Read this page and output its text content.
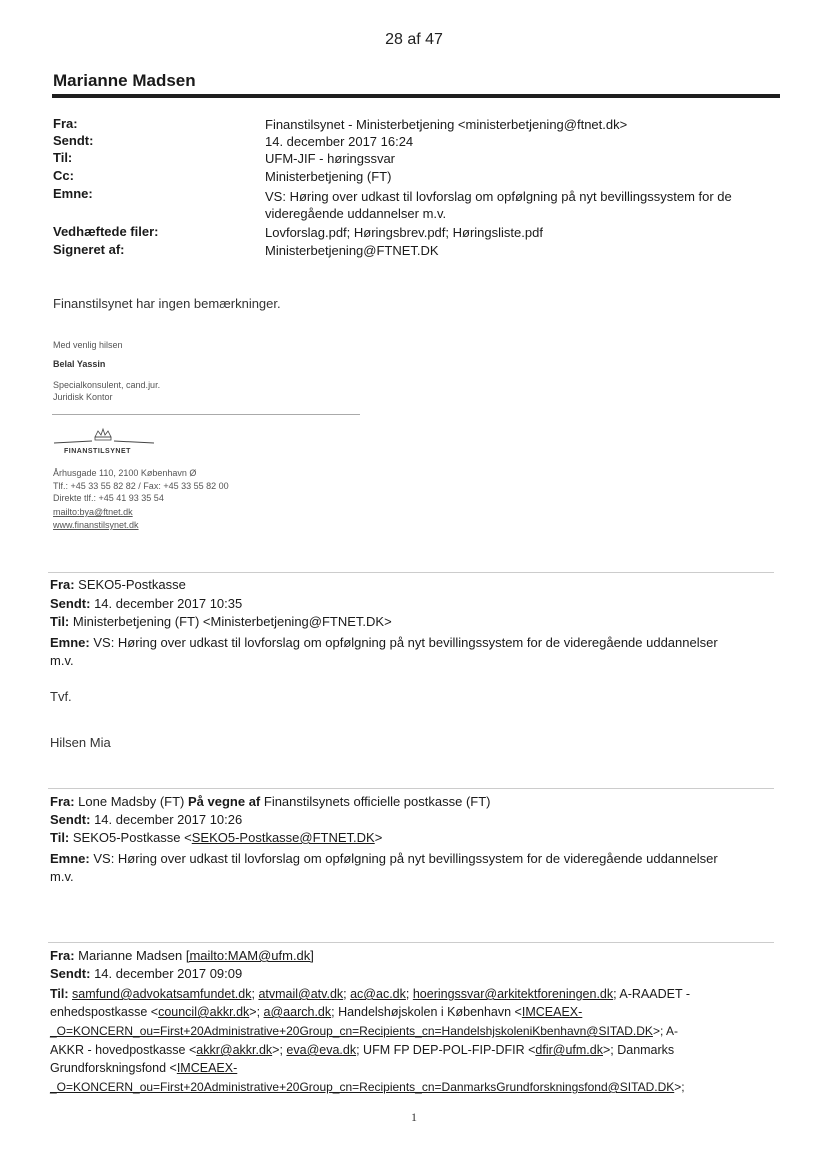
28 af 47
Marianne Madsen
Fra:	Finanstilsynet - Ministerbetjening <ministerbetjening@ftnet.dk>
Sendt:	14. december 2017 16:24
Til:	UFM-JIF - høringssvar
Cc:	Ministerbetjening (FT)
Emne:	VS: Høring over udkast til lovforslag om opfølgning på nyt bevillingssystem for de
videregående uddannelser m.v.
Vedhæftede filer:	Lovforslag.pdf; Høringsbrev.pdf; Høringsliste.pdf
Signeret af:	Ministerbetjening@FTNET.DK
Finanstilsynet har ingen bemærkninger.
Med venlig hilsen
Belal Yassin
Specialkonsulent, cand.jur.
Juridisk Kontor
FINANSTILSYNET
Århusgade 110, 2100 København Ø
Tlf.: +45 33 55 82 82 / Fax: +45 33 55 82 00
Direkte tlf.: +45 41 93 35 54
mailto:bya@ftnet.dk
www.finanstilsynet.dk
Fra: SEKO5-Postkasse
Sendt: 14. december 2017 10:35
Til: Ministerbetjening (FT) <Ministerbetjening@FTNET.DK>
Emne: VS: Høring over udkast til lovforslag om opfølgning på nyt bevillingssystem for de videregående uddannelser
m.v.
Tvf.
Hilsen Mia
Fra: Lone Madsby (FT) På vegne af Finanstilsynets officielle postkasse (FT)
Sendt: 14. december 2017 10:26
Til: SEKO5-Postkasse <SEKO5-Postkasse@FTNET.DK>
Emne: VS: Høring over udkast til lovforslag om opfølgning på nyt bevillingssystem for de videregående uddannelser
m.v.
Fra: Marianne Madsen [mailto:MAM@ufm.dk]
Sendt: 14. december 2017 09:09
Til: samfund@advokatsamfundet.dk; atvmail@atv.dk; ac@ac.dk; hoeringssvar@arkitektforeningen.dk; A-RAADET -
enhedspostkasse <council@akkr.dk>; a@aarch.dk; Handelshøjskolen i København <IMCEAEX-
_O=KONCERN_ou=First+20Administrative+20Group_cn=Recipients_cn=HandelshjskoleniKbenhavn@SITAD.DK>; A-
AKKR - hovedpostkasse <akkr@akkr.dk>; eva@eva.dk; UFM FP DEP-POL-FIP-DFIR <dfir@ufm.dk>; Danmarks
Grundforskningsfond <IMCEAEX-
_O=KONCERN_ou=First+20Administrative+20Group_cn=Recipients_cn=DanmarksGrundforskningsfond@SITAD.DK>;
1
